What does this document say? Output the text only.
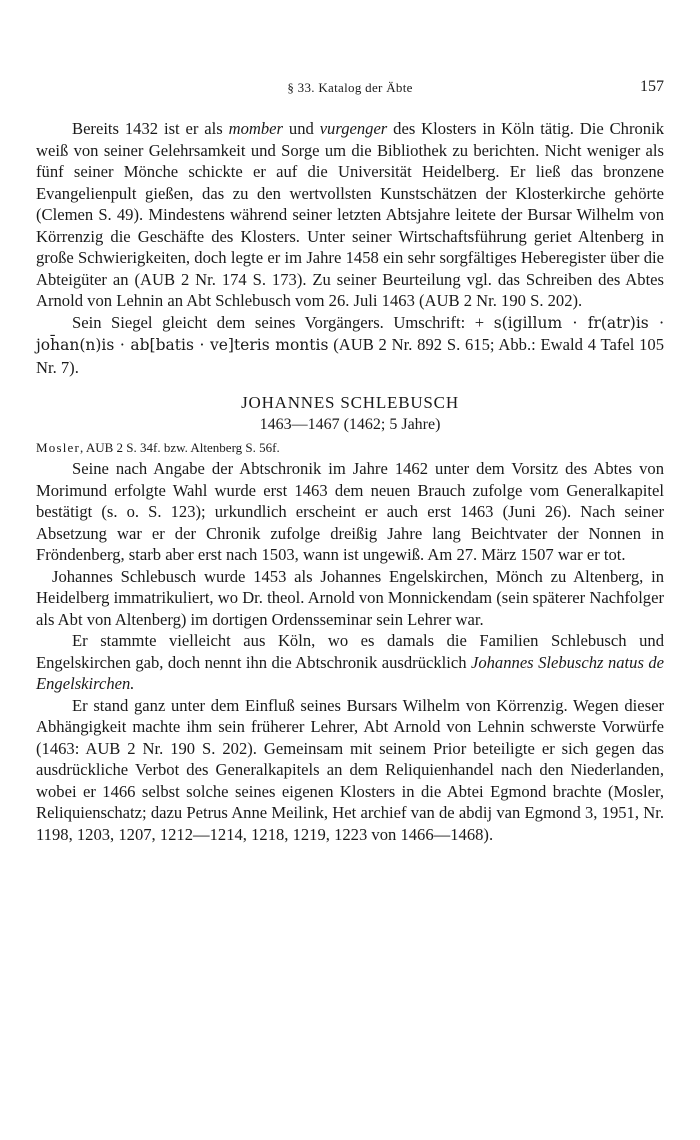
§ 33. Katalog der Äbte	157

Bereits 1432 ist er als momber und vurgenger des Klosters in Köln tätig. Die Chronik weiß von seiner Gelehrsamkeit und Sorge um die Bibliothek zu berichten. Nicht weniger als fünf seiner Mönche schickte er auf die Universität Heidelberg. Er ließ das bronzene Evangelienpult gießen, das zu den wertvollsten Kunstschätzen der Klosterkirche gehörte (Clemen S. 49). Mindestens während seiner letzten Abtsjahre leitete der Bursar Wilhelm von Körrenzig die Geschäfte des Klosters. Unter seiner Wirtschaftsführung geriet Altenberg in große Schwierigkeiten, doch legte er im Jahre 1458 ein sehr sorgfältiges Heberegister über die Abteigüter an (AUB 2 Nr. 174 S. 173). Zu seiner Beurteilung vgl. das Schreiben des Abtes Arnold von Lehnin an Abt Schlebusch vom 26. Juli 1463 (AUB 2 Nr. 190 S. 202).

Sein Siegel gleicht dem seines Vorgängers. Umschrift: + s(igillum · fr(atr)is · joh̄an(n)is · ab[batis · ve]teris montis (AUB 2 Nr. 892 S. 615; Abb.: Ewald 4 Tafel 105 Nr. 7).

JOHANNES SCHLEBUSCH
1463—1467 (1462; 5 Jahre)
Mosler, AUB 2 S. 34f. bzw. Altenberg S. 56f.

Seine nach Angabe der Abtschronik im Jahre 1462 unter dem Vorsitz des Abtes von Morimund erfolgte Wahl wurde erst 1463 dem neuen Brauch zufolge vom Generalkapitel bestätigt (s. o. S. 123); urkundlich erscheint er auch erst 1463 (Juni 26). Nach seiner Absetzung war er der Chronik zufolge dreißig Jahre lang Beichtvater der Nonnen in Fröndenberg, starb aber erst nach 1503, wann ist ungewiß. Am 27. März 1507 war er tot.

Johannes Schlebusch wurde 1453 als Johannes Engelskirchen, Mönch zu Altenberg, in Heidelberg immatrikuliert, wo Dr. theol. Arnold von Monnickendam (sein späterer Nachfolger als Abt von Altenberg) im dortigen Ordensseminar sein Lehrer war.

Er stammte vielleicht aus Köln, wo es damals die Familien Schlebusch und Engelskirchen gab, doch nennt ihn die Abtschronik ausdrücklich Johannes Slebuschz natus de Engelskirchen.

Er stand ganz unter dem Einfluß seines Bursars Wilhelm von Körrenzig. Wegen dieser Abhängigkeit machte ihm sein früherer Lehrer, Abt Arnold von Lehnin schwerste Vorwürfe (1463: AUB 2 Nr. 190 S. 202). Gemeinsam mit seinem Prior beteiligte er sich gegen das ausdrückliche Verbot des Generalkapitels an dem Reliquienhandel nach den Niederlanden, wobei er 1466 selbst solche seines eigenen Klosters in die Abtei Egmond brachte (Mosler, Reliquienschatz; dazu Petrus Anne Meilink, Het archief van de abdij van Egmond 3, 1951, Nr. 1198, 1203, 1207, 1212—1214, 1218, 1219, 1223 von 1466—1468).
